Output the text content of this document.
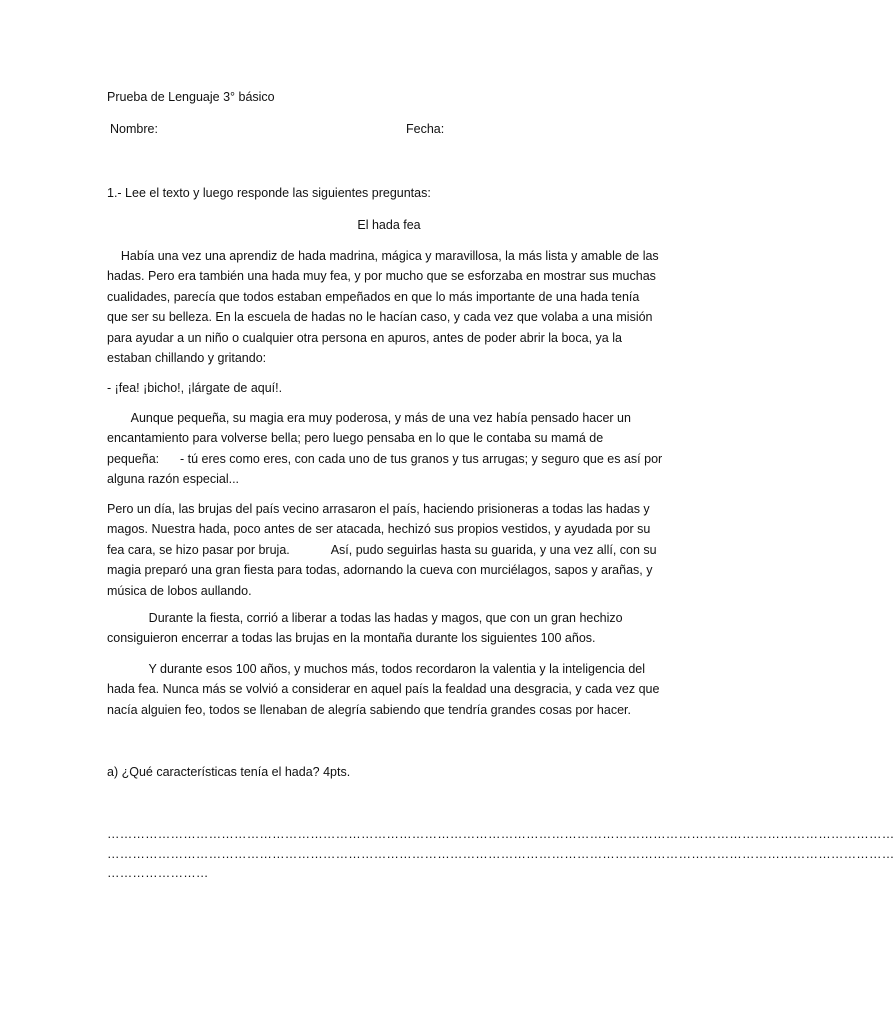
Prueba de Lenguaje 3° básico
Nombre:	Fecha:
1.- Lee el texto y luego responde las siguientes preguntas:
El hada fea
Había una vez una aprendiz de hada madrina, mágica y maravillosa, la más lista y amable de las
hadas. Pero era también una hada muy fea, y por mucho que se esforzaba en mostrar sus muchas
cualidades, parecía que todos estaban empeñados en que lo más importante de una hada tenía
que ser su belleza. En la escuela de hadas no le hacían caso, y cada vez que volaba a una misión
para ayudar a un niño o cualquier otra persona en apuros, antes de poder abrir la boca, ya la
estaban chillando y gritando:
- ¡fea! ¡bicho!, ¡lárgate de aquí!.
Aunque pequeña, su magia era muy poderosa, y más de una vez había pensado hacer un
encantamiento para volverse bella; pero luego pensaba en lo que le contaba su mamá de
pequeña:      - tú eres como eres, con cada uno de tus granos y tus arrugas; y seguro que es así por
alguna razón especial...
Pero un día, las brujas del país vecino arrasaron el país, haciendo prisioneras a todas las hadas y
magos. Nuestra hada, poco antes de ser atacada, hechizó sus propios vestidos, y ayudada por su
fea cara, se hizo pasar por bruja.            Así, pudo seguirlas hasta su guarida, y una vez allí, con su
magia preparó una gran fiesta para todas, adornando la cueva con murciélagos, sapos y arañas, y
música de lobos aullando.
Durante la fiesta, corrió a liberar a todas las hadas y magos, que con un gran hechizo
consiguieron encerrar a todas las brujas en la montaña durante los siguientes 100 años.
Y durante esos 100 años, y muchos más, todos recordaron la valentia y la inteligencia del
hada fea. Nunca más se volvió a considerar en aquel país la fealdad una desgracia, y cada vez que
nacía alguien feo, todos se llenaban de alegría sabiendo que tendría grandes cosas por hacer.
a) ¿Qué características tenía el hada? 4pts.
……………………………………………………………………………………………………………………………………………………………………
……………………………………………………………………………………………………………………………………………………………………
……………………
